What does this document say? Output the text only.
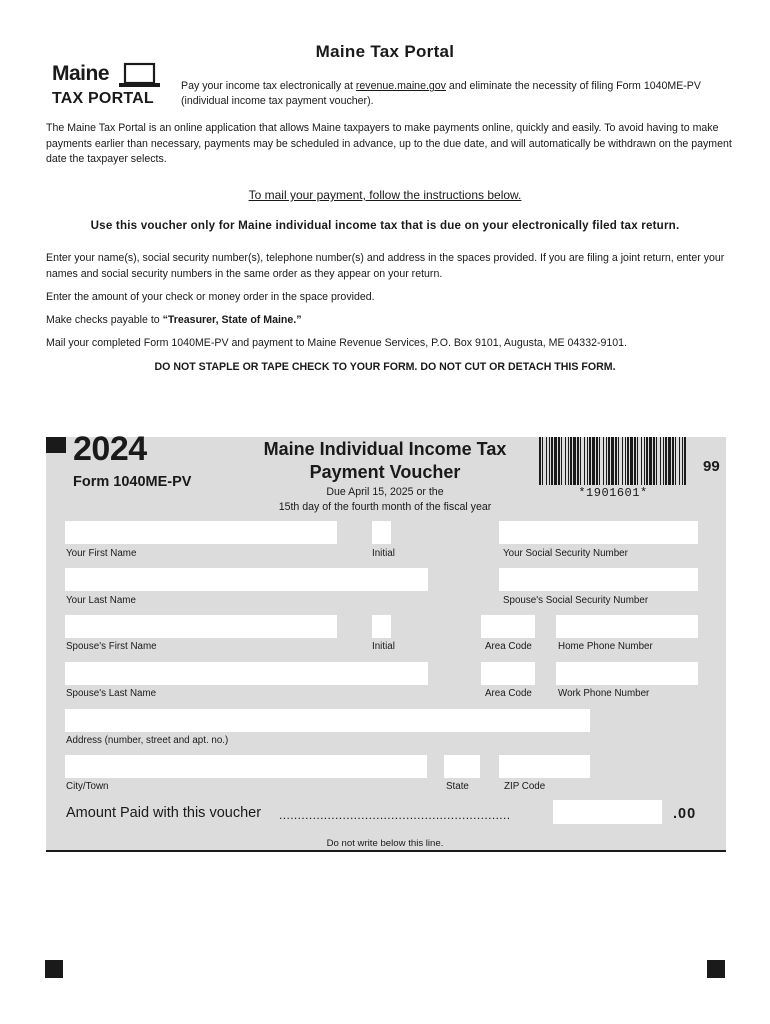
Maine Tax Portal
Maine
TAX PORTAL
Pay your income tax electronically at revenue.maine.gov and eliminate the necessity of filing Form 1040ME-PV (individual income tax payment voucher).
The Maine Tax Portal is an online application that allows Maine taxpayers to make payments online, quickly and easily. To avoid having to make payments earlier than necessary, payments may be scheduled in advance, up to the due date, and will automatically be withdrawn on the payment date the taxpayer selects.
To mail your payment, follow the instructions below.
Use this voucher only for Maine individual income tax that is due on your electronically filed tax return.
Enter your name(s), social security number(s), telephone number(s) and address in the spaces provided. If you are filing a joint return, enter your names and social security numbers in the same order as they appear on your return.
Enter the amount of your check or money order in the space provided.
Make checks payable to “Treasurer, State of Maine.”
Mail your completed Form 1040ME-PV and payment to Maine Revenue Services, P.O. Box 9101, Augusta, ME 04332-9101.
DO NOT STAPLE OR TAPE CHECK TO YOUR FORM. DO NOT CUT OR DETACH THIS FORM.
2024
Form 1040ME-PV
Maine Individual Income Tax
Payment Voucher
Due April 15, 2025 or the
15th day of the fourth month of the fiscal year
*1901601*
99
Your First Name	Initial	Your Social Security Number
Your Last Name	Spouse's Social Security Number
Spouse's First Name	Initial	Area Code	Home Phone Number
Spouse's Last Name	Area Code	Work Phone Number
Address (number, street and apt. no.)
City/Town	State	ZIP Code
Amount Paid with this voucher ..............................................................	.00
Do not write below this line.
